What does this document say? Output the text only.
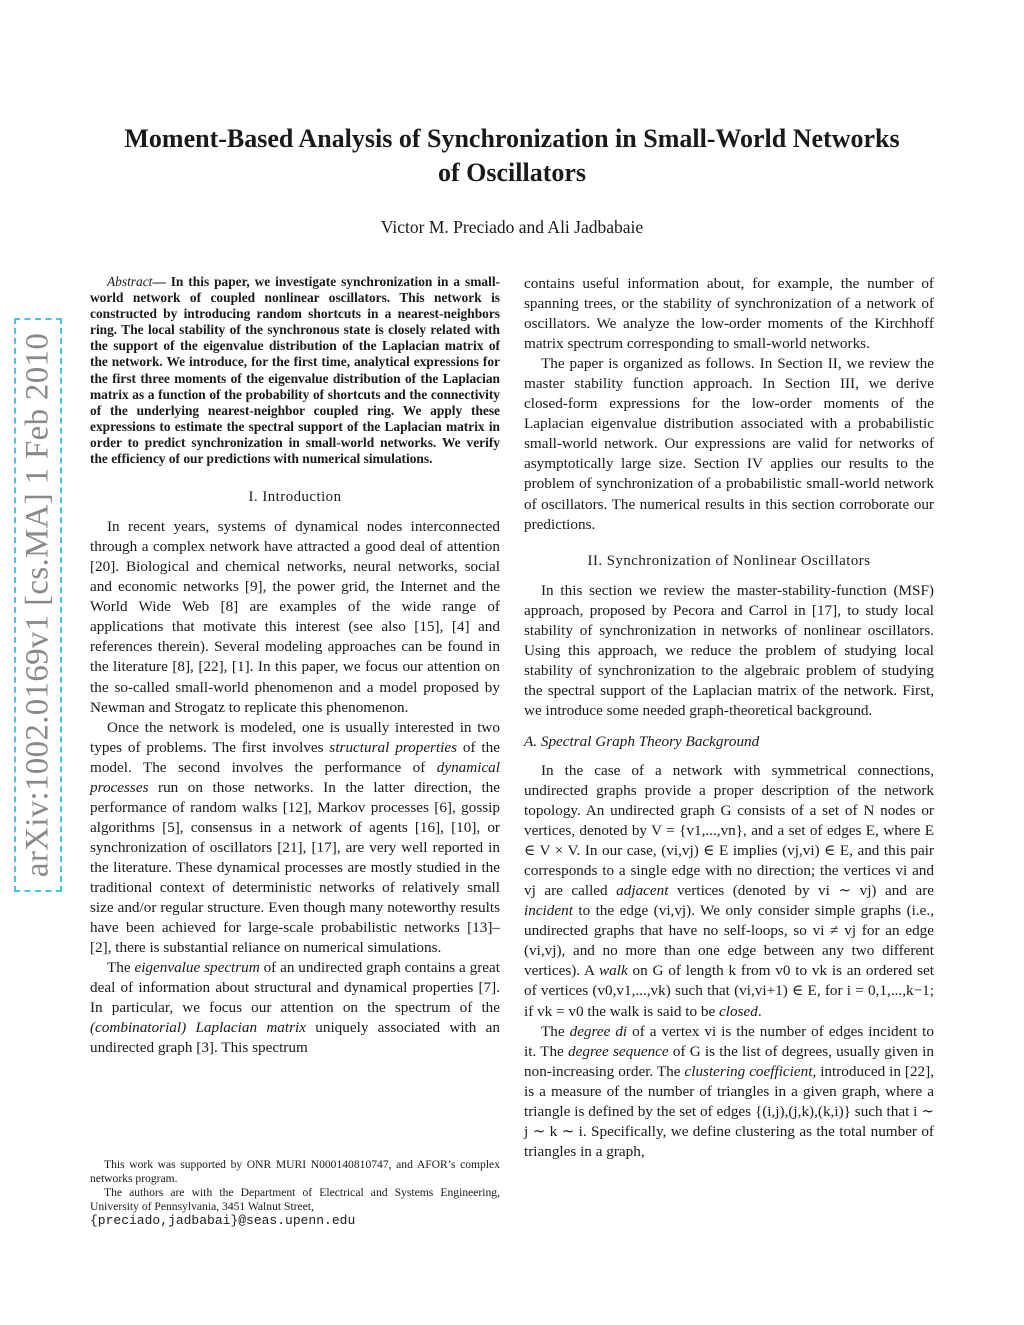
arXiv:1002.0169v1 [cs.MA] 1 Feb 2010
Moment-Based Analysis of Synchronization in Small-World Networks
of Oscillators
Victor M. Preciado and Ali Jadbabaie

Abstract— In this paper, we investigate synchronization in a small-world network of coupled nonlinear oscillators. This network is constructed by introducing random shortcuts in a nearest-neighbors ring. The local stability of the synchronous state is closely related with the support of the eigenvalue distribution of the Laplacian matrix of the network. We introduce, for the first time, analytical expressions for the first three moments of the eigenvalue distribution of the Laplacian matrix as a function of the probability of shortcuts and the connectivity of the underlying nearest-neighbor coupled ring. We apply these expressions to estimate the spectral support of the Laplacian matrix in order to predict synchronization in small-world networks. We verify the efficiency of our predictions with numerical simulations.

I. Introduction

In recent years, systems of dynamical nodes interconnected through a complex network have attracted a good deal of attention [20]. Biological and chemical networks, neural networks, social and economic networks [9], the power grid, the Internet and the World Wide Web [8] are examples of the wide range of applications that motivate this interest (see also [15], [4] and references therein). Several modeling approaches can be found in the literature [8], [22], [1]. In this paper, we focus our attention on the so-called small-world phenomenon and a model proposed by Newman and Strogatz to replicate this phenomenon.

Once the network is modeled, one is usually interested in two types of problems. The first involves structural properties of the model. The second involves the performance of dynamical processes run on those networks. In the latter direction, the performance of random walks [12], Markov processes [6], gossip algorithms [5], consensus in a network of agents [16], [10], or synchronization of oscillators [21], [17], are very well reported in the literature. These dynamical processes are mostly studied in the traditional context of deterministic networks of relatively small size and/or regular structure. Even though many noteworthy results have been achieved for large-scale probabilistic networks [13]– [2], there is substantial reliance on numerical simulations.

The eigenvalue spectrum of an undirected graph contains a great deal of information about structural and dynamical properties [7]. In particular, we focus our attention on the spectrum of the (combinatorial) Laplacian matrix uniquely associated with an undirected graph [3]. This spectrum

This work was supported by ONR MURI N000140810747, and AFOR’s complex networks program.

The authors are with the Department of Electrical and Systems Engineering, University of Pennsylvania, 3451 Walnut Street,
{preciado,jadbabai}@seas.upenn.edu

contains useful information about, for example, the number of spanning trees, or the stability of synchronization of a network of oscillators. We analyze the low-order moments of the Kirchhoff matrix spectrum corresponding to small-world networks.

The paper is organized as follows. In Section II, we review the master stability function approach. In Section III, we derive closed-form expressions for the low-order moments of the Laplacian eigenvalue distribution associated with a probabilistic small-world network. Our expressions are valid for networks of asymptotically large size. Section IV applies our results to the problem of synchronization of a probabilistic small-world network of oscillators. The numerical results in this section corroborate our predictions.

II. Synchronization of Nonlinear Oscillators

In this section we review the master-stability-function (MSF) approach, proposed by Pecora and Carrol in [17], to study local stability of synchronization in networks of nonlinear oscillators. Using this approach, we reduce the problem of studying local stability of synchronization to the algebraic problem of studying the spectral support of the Laplacian matrix of the network. First, we introduce some needed graph-theoretical background.

A. Spectral Graph Theory Background

In the case of a network with symmetrical connections, undirected graphs provide a proper description of the network topology. An undirected graph G consists of a set of N nodes or vertices, denoted by V = {v1,...,vn}, and a set of edges E, where E ∈ V × V. In our case, (vi,vj) ∈ E implies (vj,vi) ∈ E, and this pair corresponds to a single edge with no direction; the vertices vi and vj are called adjacent vertices (denoted by vi ∼ vj) and are incident to the edge (vi,vj). We only consider simple graphs (i.e., undirected graphs that have no self-loops, so vi ≠ vj for an edge (vi,vj), and no more than one edge between any two different vertices). A walk on G of length k from v0 to vk is an ordered set of vertices (v0,v1,...,vk) such that (vi,vi+1) ∈ E, for i = 0,1,...,k−1; if vk = v0 the walk is said to be closed.

The degree di of a vertex vi is the number of edges incident to it. The degree sequence of G is the list of degrees, usually given in non-increasing order. The clustering coefficient, introduced in [22], is a measure of the number of triangles in a given graph, where a triangle is defined by the set of edges {(i,j),(j,k),(k,i)} such that i ∼ j ∼ k ∼ i. Specifically, we define clustering as the total number of triangles in a graph,
